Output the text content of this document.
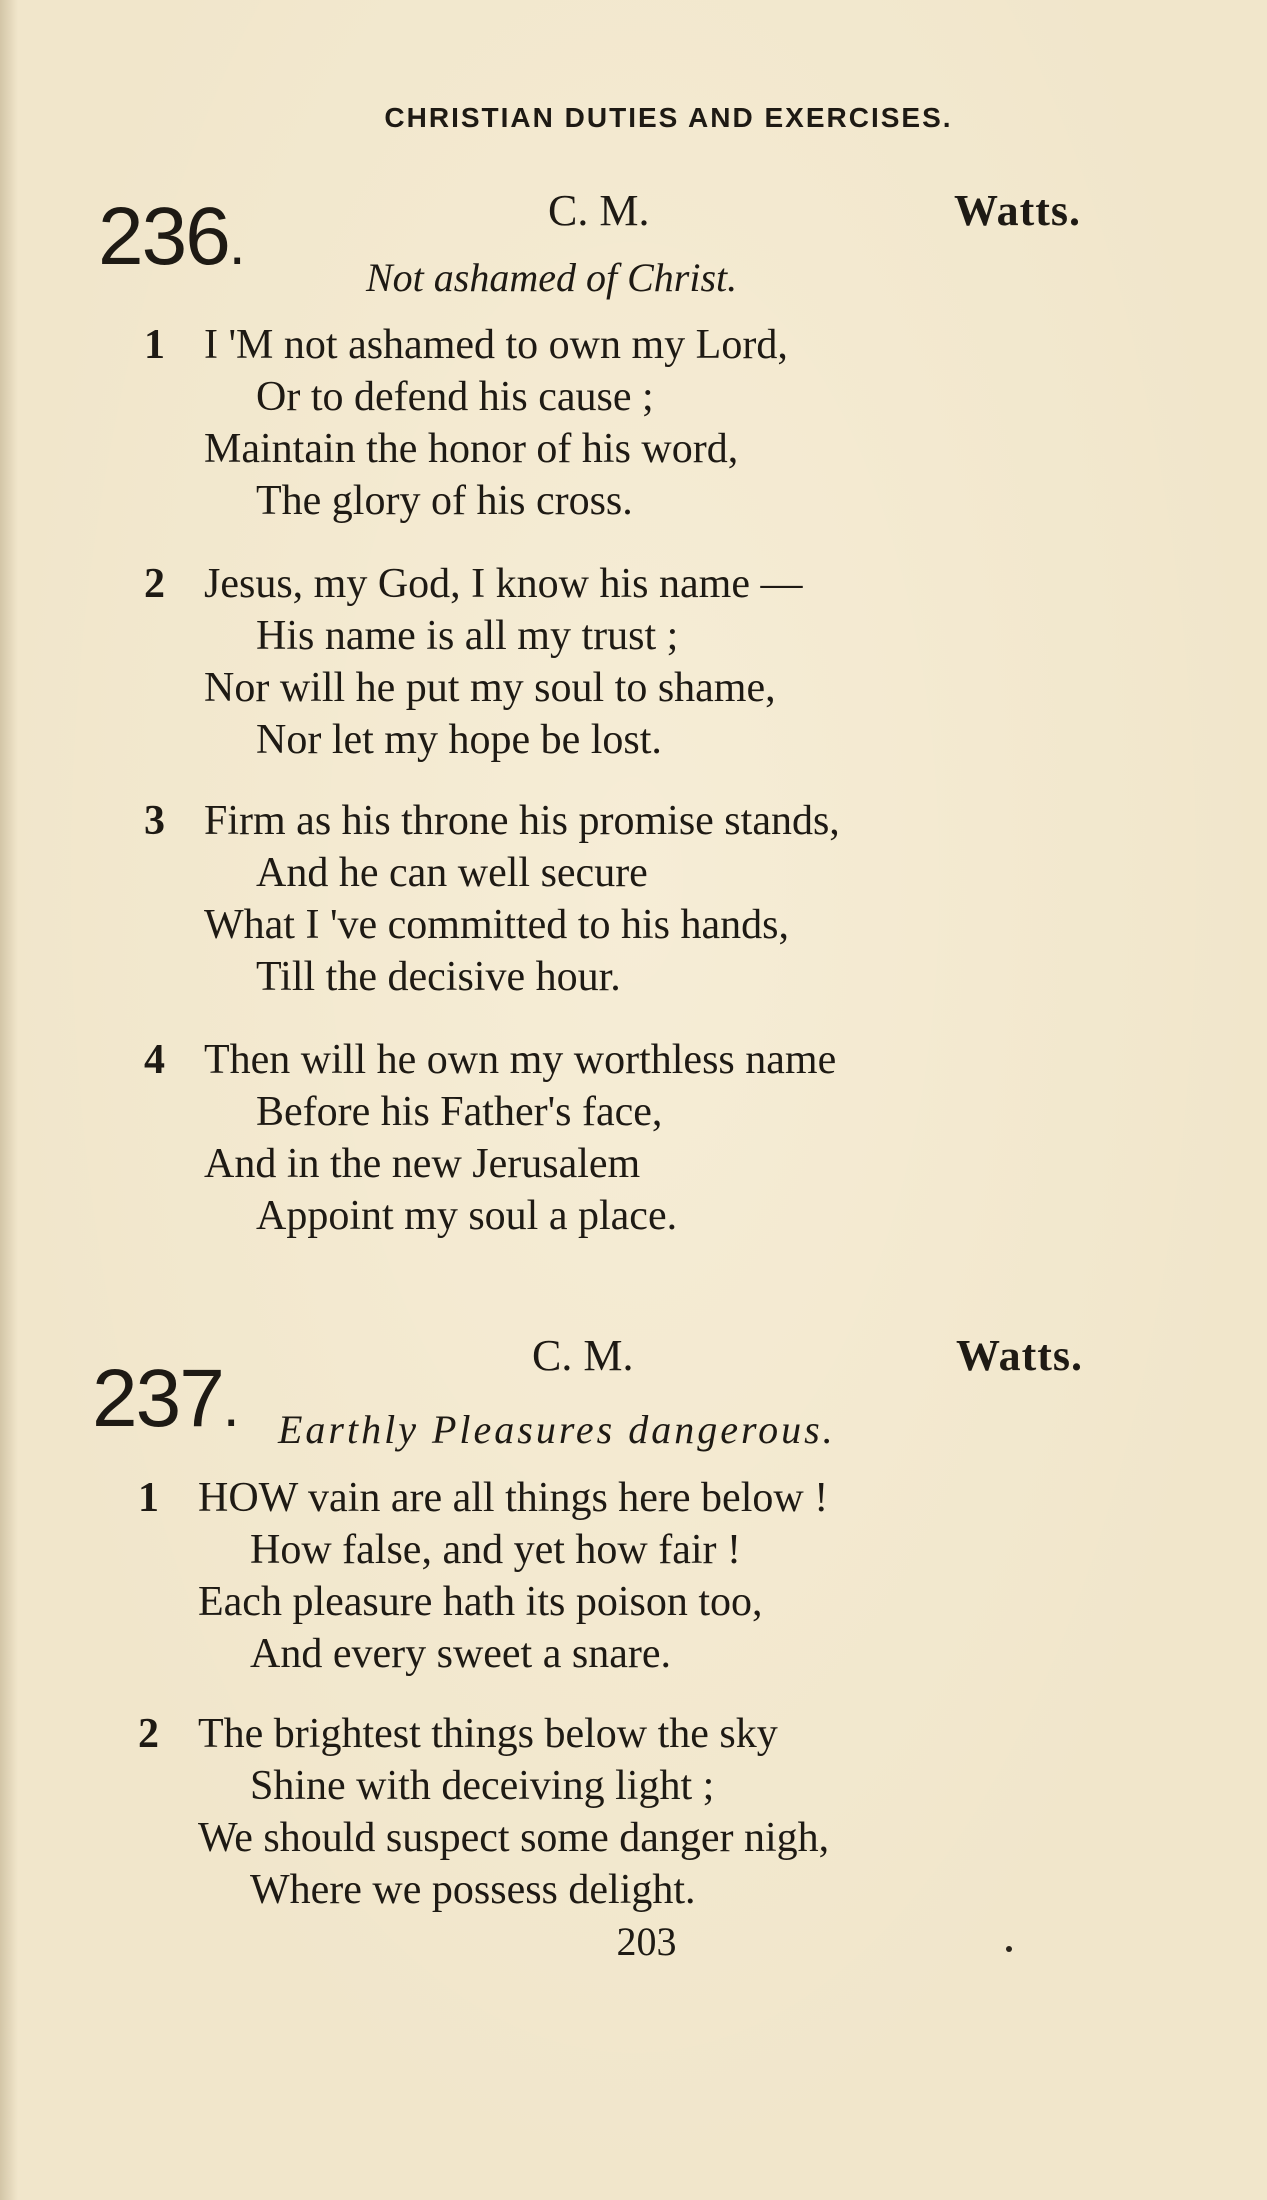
CHRISTIAN DUTIES AND EXERCISES.
236.	C. M.	Watts.
Not ashamed of Christ.
1 I 'M not ashamed to own my Lord,
Or to defend his cause ;
Maintain the honor of his word,
The glory of his cross.
2 Jesus, my God, I know his name —
His name is all my trust ;
Nor will he put my soul to shame,
Nor let my hope be lost.
3 Firm as his throne his promise stands,
And he can well secure
What I 've committed to his hands,
Till the decisive hour.
4 Then will he own my worthless name
Before his Father's face,
And in the new Jerusalem
Appoint my soul a place.
237.
C. M.	Watts.
Earthly Pleasures dangerous.
1 HOW vain are all things here below !
How false, and yet how fair !
Each pleasure hath its poison too,
And every sweet a snare.
2 The brightest things below the sky
Shine with deceiving light ;
We should suspect some danger nigh,
Where we possess delight.
203
